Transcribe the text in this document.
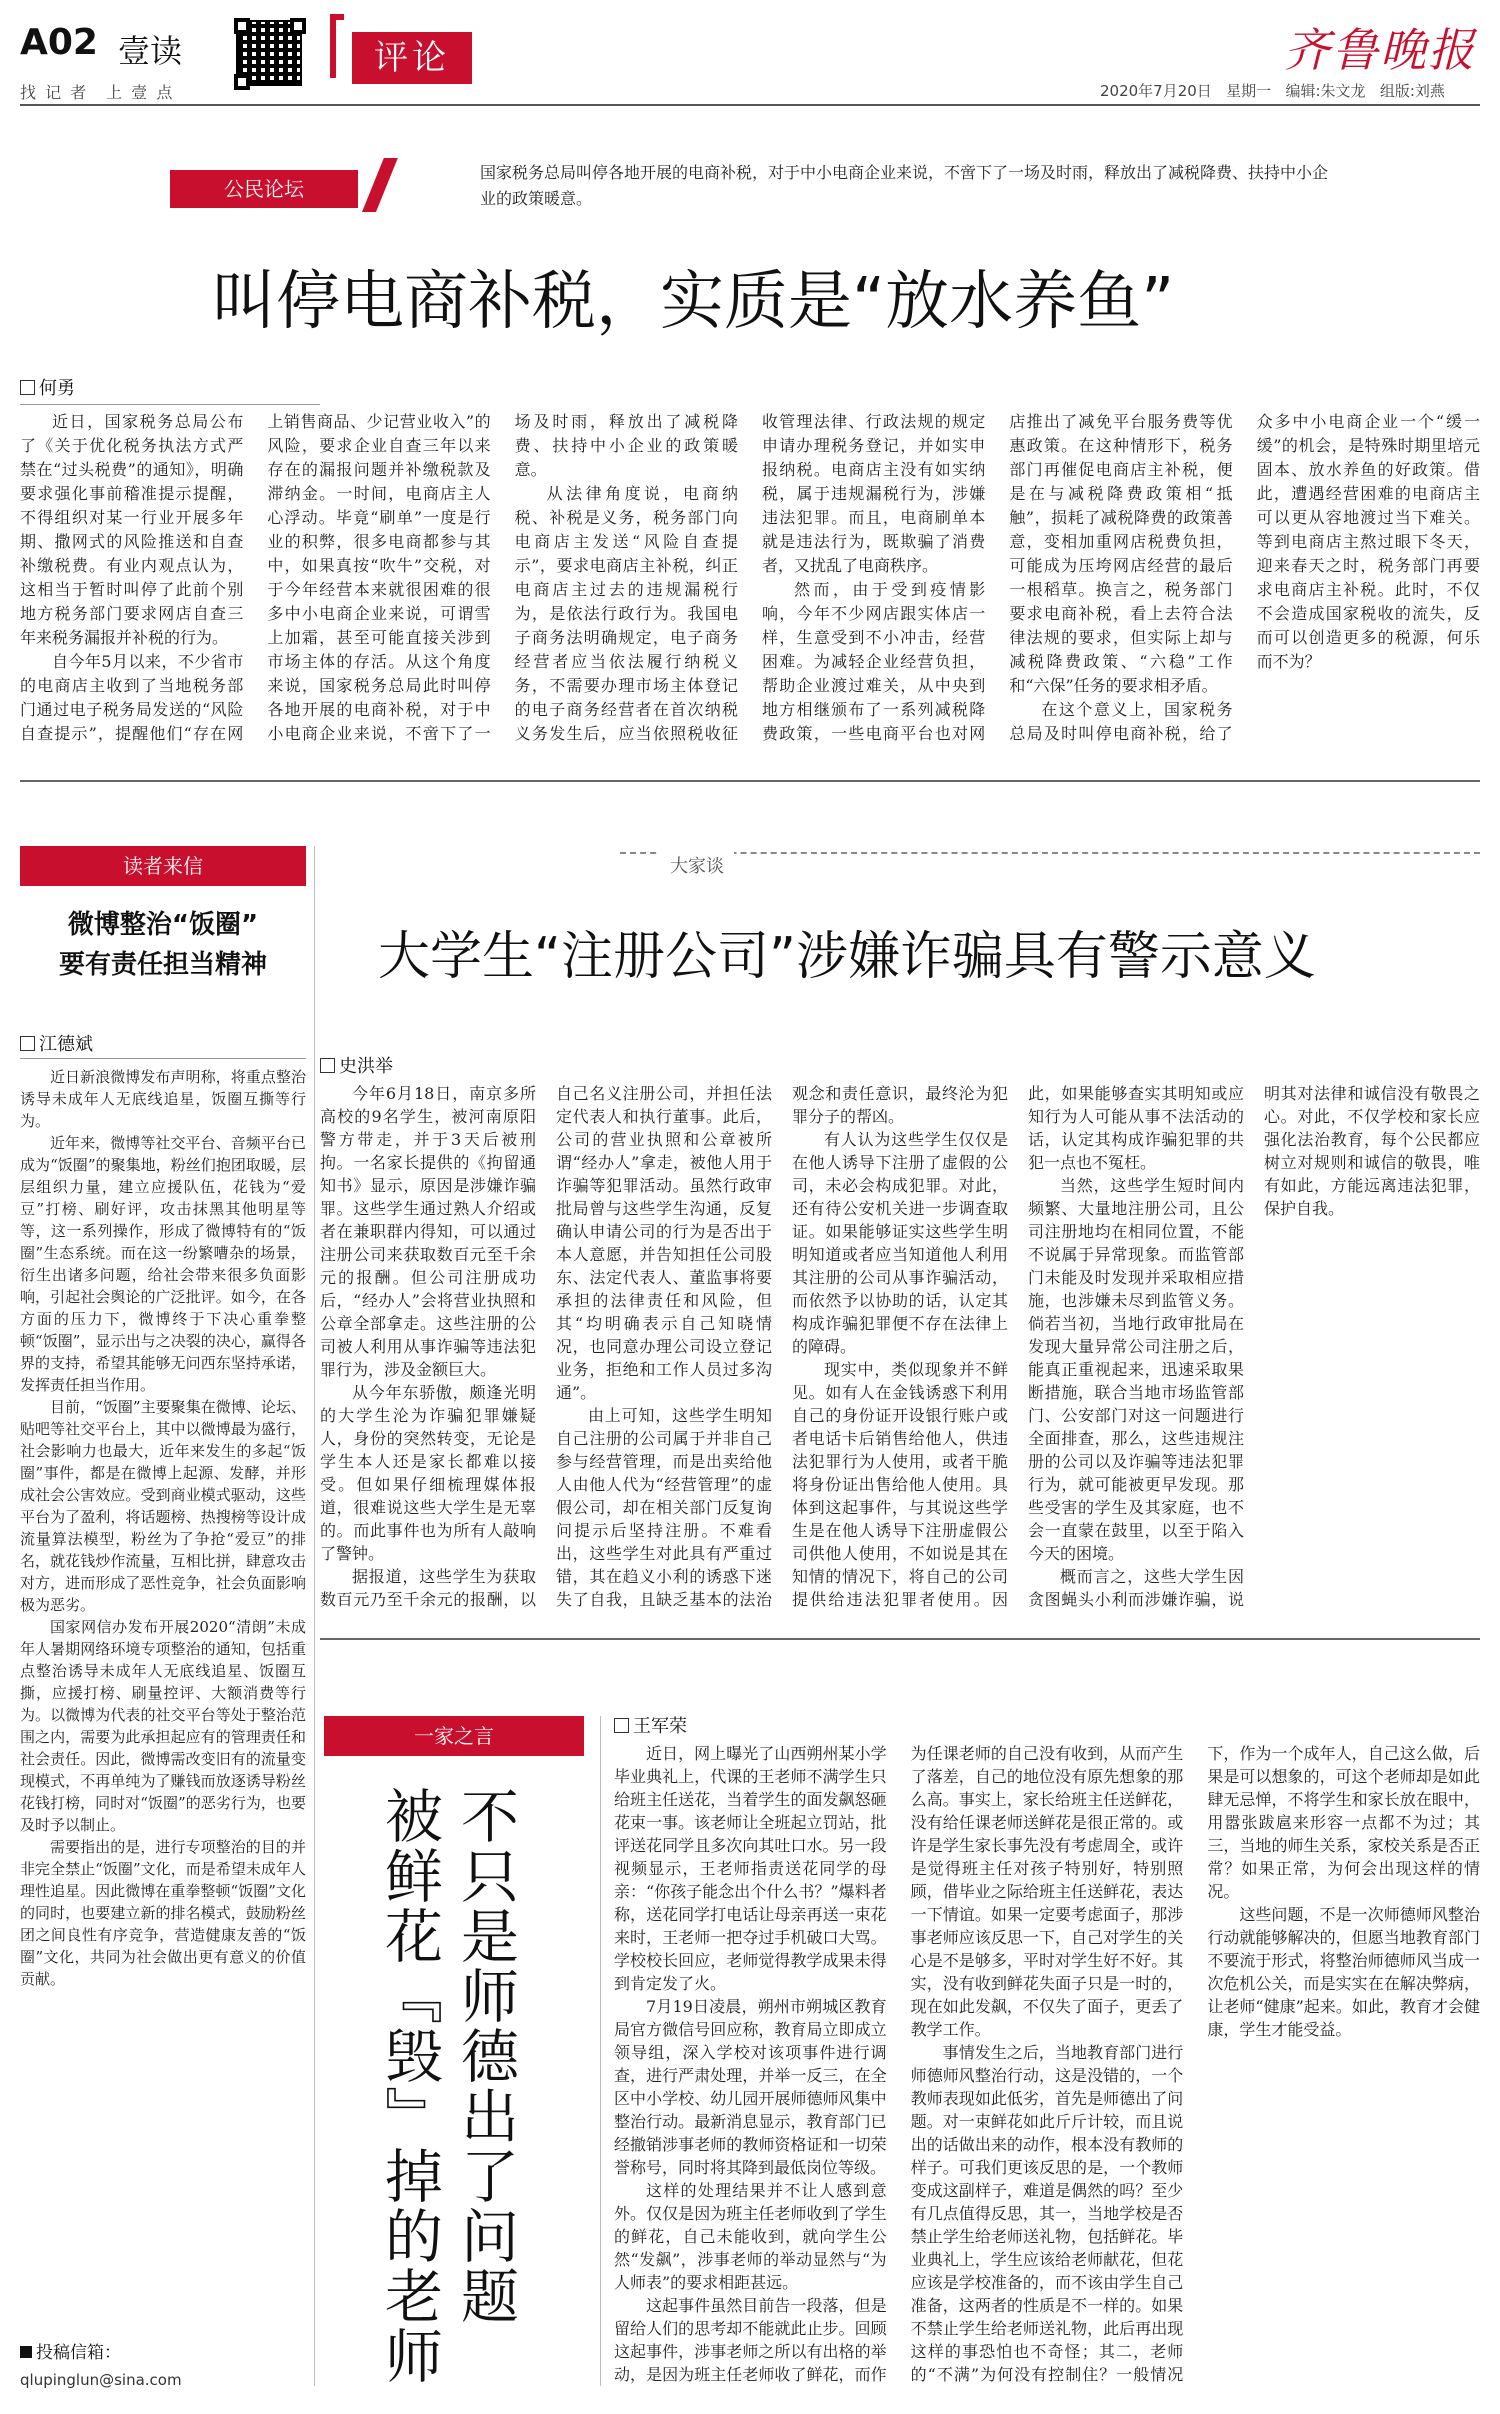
A02 壹读
找 记 者　上 壹 点
评论	齐鲁晚报
2020年7月20日 星期一 编辑:朱文龙 组版:刘燕
公民论坛
国家税务总局叫停各地开展的电商补税，对于中小电商企业来说，不啻下了一场及时雨，释放出了减税降费、扶持中小企业的政策暖意。
叫停电商补税，实质是“放水养鱼”
何勇

近日，国家税务总局公布了《关于优化税务执法方式严禁在“过头税费”的通知》，明确要求强化事前稽准提示提醒，不得组织对某一行业开展多年期、撒网式的风险推送和自查补缴税费。有业内观点认为，这相当于暂时叫停了此前个别地方税务部门要求网店自查三年来税务漏报并补税的行为。

自今年5月以来，不少省市的电商店主收到了当地税务部门通过电子税务局发送的“风险自查提示”，提醒他们“存在网上销售商品、少记营业收入”的风险，要求企业自查三年以来存在的漏报问题并补缴税款及滞纳金。一时间，电商店主人心浮动。毕竟“刷单”一度是行业的积弊，很多电商都参与其中，如果真按“吹牛”交税，对于今年经营本来就很困难的很多中小电商企业来说，可谓雪上加霜，甚至可能直接关涉到市场主体的存活。从这个角度来说，国家税务总局此时叫停各地开展的电商补税，对于中小电商企业来说，不啻下了一场及时雨，释放出了减税降费、扶持中小企业的政策暖意。

从法律角度说，电商纳税、补税是义务，税务部门向电商店主发送“风险自查提示”，要求电商店主补税，纠正电商店主过去的违规漏税行为，是依法行政行为。我国电子商务法明确规定，电子商务经营者应当依法履行纳税义务，不需要办理市场主体登记的电子商务经营者在首次纳税义务发生后，应当依照税收征收管理法律、行政法规的规定申请办理税务登记，并如实申报纳税。电商店主没有如实纳税，属于违规漏税行为，涉嫌违法犯罪。而且，电商刷单本就是违法行为，既欺骗了消费者，又扰乱了电商秩序。

然而，由于受到疫情影响，今年不少网店跟实体店一样，生意受到不小冲击，经营困难。为减轻企业经营负担，帮助企业渡过难关，从中央到地方相继颁布了一系列减税降费政策，一些电商平台也对网店推出了减免平台服务费等优惠政策。在这种情形下，税务部门再催促电商店主补税，便是在与减税降费政策相“抵触”，损耗了减税降费的政策善意，变相加重网店税费负担，可能成为压垮网店经营的最后一根稻草。换言之，税务部门要求电商补税，看上去符合法律法规的要求，但实际上却与减税降费政策、“六稳”工作和“六保”任务的要求相矛盾。

在这个意义上，国家税务总局及时叫停电商补税，给了众多中小电商企业一个“缓一缓”的机会，是特殊时期里培元固本、放水养鱼的好政策。借此，遭遇经营困难的电商店主可以更从容地渡过当下难关。等到电商店主熬过眼下冬天，迎来春天之时，税务部门再要求电商店主补税。此时，不仅不会造成国家税收的流失，反而可以创造更多的税源，何乐而不为？

读者来信
微博整治“饭圈”
要有责任担当精神
江德斌

近日新浪微博发布声明称，将重点整治诱导未成年人无底线追星，饭圈互撕等行为。

近年来，微博等社交平台、音频平台已成为“饭圈”的聚集地，粉丝们抱团取暖，层层组织力量，建立应援队伍，花钱为“爱豆”打榜、刷好评，攻击抹黑其他明星等等，这一系列操作，形成了微博特有的“饭圈”生态系统。而在这一纷繁嘈杂的场景，衍生出诸多问题，给社会带来很多负面影响，引起社会舆论的广泛批评。如今，在各方面的压力下，微博终于下决心重拳整顿“饭圈”，显示出与之决裂的决心，赢得各界的支持，希望其能够无问西东坚持承诺，发挥责任担当作用。

目前，“饭圈”主要聚集在微博、论坛、贴吧等社交平台上，其中以微博最为盛行，社会影响力也最大，近年来发生的多起“饭圈”事件，都是在微博上起源、发酵，并形成社会公害效应。受到商业模式驱动，这些平台为了盈利，将话题榜、热搜榜等设计成流量算法模型，粉丝为了争抢“爱豆”的排名，就花钱炒作流量，互相比拼，肆意攻击对方，进而形成了恶性竞争，社会负面影响极为恶劣。

国家网信办发布开展2020“清朗”未成年人暑期网络环境专项整治的通知，包括重点整治诱导未成年人无底线追星、饭圈互撕，应援打榜、刷量控评、大额消费等行为。以微博为代表的社交平台等处于整治范围之内，需要为此承担起应有的管理责任和社会责任。因此，微博需改变旧有的流量变现模式，不再单纯为了赚钱而放逐诱导粉丝花钱打榜，同时对“饭圈”的恶劣行为，也要及时予以制止。

需要指出的是，进行专项整治的目的并非完全禁止“饭圈”文化，而是希望未成年人理性追星。因此微博在重拳整顿“饭圈”文化的同时，也要建立新的排名模式，鼓励粉丝团之间良性有序竞争，营造健康友善的“饭圈”文化，共同为社会做出更有意义的价值贡献。

投稿信箱：
qlupinglun@sina.com
大家谈
大学生“注册公司”涉嫌诈骗具有警示意义
史洪举

今年6月18日，南京多所高校的9名学生，被河南原阳警方带走，并于3天后被刑拘。一名家长提供的《拘留通知书》显示，原因是涉嫌诈骗罪。这些学生通过熟人介绍或者在兼职群内得知，可以通过注册公司来获取数百元至千余元的报酬。但公司注册成功后，“经办人”会将营业执照和公章全部拿走。这些注册的公司被人利用从事诈骗等违法犯罪行为，涉及金额巨大。

从今年东骄傲，颇逢光明的大学生沦为诈骗犯罪嫌疑人，身份的突然转变，无论是学生本人还是家长都难以接受。但如果仔细梳理媒体报道，很难说这些大学生是无辜的。而此事件也为所有人敲响了警钟。

据报道，这些学生为获取数百元乃至千余元的报酬，以自己名义注册公司，并担任法定代表人和执行董事。此后，公司的营业执照和公章被所谓“经办人”拿走，被他人用于诈骗等犯罪活动。虽然行政审批局曾与这些学生沟通，反复确认申请公司的行为是否出于本人意愿，并告知担任公司股东、法定代表人、董监事将要承担的法律责任和风险，但其“均明确表示自己知晓情况，也同意办理公司设立登记业务，拒绝和工作人员过多沟通”。

由上可知，这些学生明知自己注册的公司属于并非自己参与经营管理，而是出卖给他人由他人代为“经营管理”的虚假公司，却在相关部门反复询问提示后坚持注册。不难看出，这些学生对此具有严重过错，其在趋义小利的诱惑下迷失了自我，且缺乏基本的法治观念和责任意识，最终沦为犯罪分子的帮凶。

有人认为这些学生仅仅是在他人诱导下注册了虚假的公司，未必会构成犯罪。对此，还有待公安机关进一步调查取证。如果能够证实这些学生明明知道或者应当知道他人利用其注册的公司从事诈骗活动，而依然予以协助的话，认定其构成诈骗犯罪便不存在法律上的障碍。

现实中，类似现象并不鲜见。如有人在金钱诱惑下利用自己的身份证开设银行账户或者电话卡后销售给他人，供违法犯罪行为人使用，或者干脆将身份证出售给他人使用。具体到这起事件，与其说这些学生是在他人诱导下注册虚假公司供他人使用，不如说是其在知情的情况下，将自己的公司提供给违法犯罪者使用。因此，如果能够查实其明知或应知行为人可能从事不法活动的话，认定其构成诈骗犯罪的共犯一点也不冤枉。

当然，这些学生短时间内频繁、大量地注册公司，且公司注册地均在相同位置，不能不说属于异常现象。而监管部门未能及时发现并采取相应措施，也涉嫌未尽到监管义务。倘若当初，当地行政审批局在发现大量异常公司注册之后，能真正重视起来，迅速采取果断措施，联合当地市场监管部门、公安部门对这一问题进行全面排查，那么，这些违规注册的公司以及诈骗等违法犯罪行为，就可能被更早发现。那些受害的学生及其家庭，也不会一直蒙在鼓里，以至于陷入今天的困境。

概而言之，这些大学生因贪图蝇头小利而涉嫌诈骗，说明其对法律和诚信没有敬畏之心。对此，不仅学校和家长应强化法治教育，每个公民都应树立对规则和诚信的敬畏，唯有如此，方能远离违法犯罪，保护自我。

一家之言
不只是师德出了问题
被鲜花『毁』掉的老师
王军荣

近日，网上曝光了山西朔州某小学毕业典礼上，代课的王老师不满学生只给班主任送花，当着学生的面发飙怒砸花束一事。该老师让全班起立罚站，批评送花同学且多次向其吐口水。另一段视频显示，王老师指责送花同学的母亲：“你孩子能念出个什么书？”爆料者称，送花同学打电话让母亲再送一束花来时，王老师一把夺过手机破口大骂。学校校长回应，老师觉得教学成果未得到肯定发了火。

7月19日凌晨，朔州市朔城区教育局官方微信号回应称，教育局立即成立领导组，深入学校对该项事件进行调查，进行严肃处理，并举一反三，在全区中小学校、幼儿园开展师德师风集中整治行动。最新消息显示，教育部门已经撤销涉事老师的教师资格证和一切荣誉称号，同时将其降到最低岗位等级。

这样的处理结果并不让人感到意外。仅仅是因为班主任老师收到了学生的鲜花，自己未能收到，就向学生公然“发飙”，涉事老师的举动显然与“为人师表”的要求相距甚远。

这起事件虽然目前告一段落，但是留给人们的思考却不能就此止步。回顾这起事件，涉事老师之所以有出格的举动，是因为班主任老师收了鲜花，而作为任课老师的自己没有收到，从而产生了落差，自己的地位没有原先想象的那么高。事实上，家长给班主任送鲜花，没有给任课老师送鲜花是很正常的。或许是学生家长事先没有考虑周全，或许是觉得班主任对孩子特别好，特别照顾，借毕业之际给班主任送鲜花，表达一下情谊。如果一定要考虑面子，那涉事老师应该反思一下，自己对学生的关心是不是够多，平时对学生好不好。其实，没有收到鲜花失面子只是一时的，现在如此发飙，不仅失了面子，更丢了教学工作。

事情发生之后，当地教育部门进行师德师风整治行动，这是没错的，一个教师表现如此低劣，首先是师德出了问题。对一束鲜花如此斤斤计较，而且说出的话做出来的动作，根本没有教师的样子。可我们更该反思的是，一个教师变成这副样子，难道是偶然的吗？至少有几点值得反思，其一，当地学校是否禁止学生给老师送礼物，包括鲜花。毕业典礼上，学生应该给老师献花，但花应该是学校准备的，而不该由学生自己准备，这两者的性质是不一样的。如果不禁止学生给老师送礼物，此后再出现这样的事恐怕也不奇怪；其二，老师的“不满”为何没有控制住？一般情况下，作为一个成年人，自己这么做，后果是可以想象的，可这个老师却是如此肆无忌惮，不将学生和家长放在眼中，用嚣张跋扈来形容一点都不为过；其三，当地的师生关系，家校关系是否正常？如果正常，为何会出现这样的情况。

这些问题，不是一次师德师风整治行动就能够解决的，但愿当地教育部门不要流于形式，将整治师德师风当成一次危机公关，而是实实在在解决弊病，让老师“健康”起来。如此，教育才会健康，学生才能受益。
